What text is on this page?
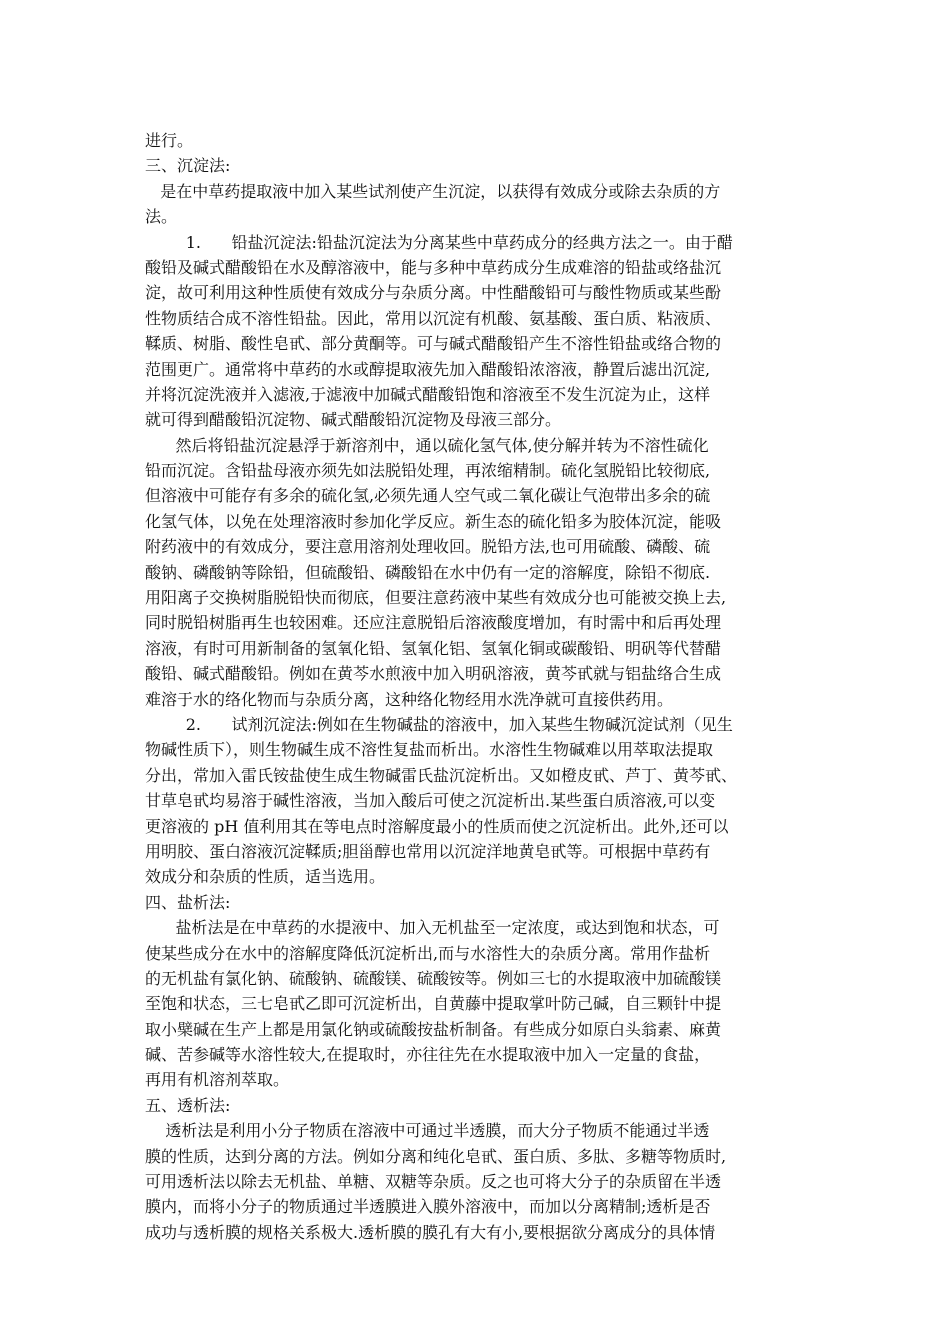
进行。
三、沉淀法:
是在中草药提取液中加入某些试剂使产生沉淀，以获得有效成分或除去杂质的方
法。
1.      铅盐沉淀法:铅盐沉淀法为分离某些中草药成分的经典方法之一。由于醋
酸铅及碱式醋酸铅在水及醇溶液中，能与多种中草药成分生成难溶的铅盐或络盐沉
淀，故可利用这种性质使有效成分与杂质分离。中性醋酸铅可与酸性物质或某些酚
性物质结合成不溶性铅盐。因此，常用以沉淀有机酸、氨基酸、蛋白质、粘液质、
鞣质、树脂、酸性皂甙、部分黄酮等。可与碱式醋酸铅产生不溶性铅盐或络合物的
范围更广。通常将中草药的水或醇提取液先加入醋酸铅浓溶液，静置后滤出沉淀,
并将沉淀洗液并入滤液,于滤液中加碱式醋酸铅饱和溶液至不发生沉淀为止，这样
就可得到醋酸铅沉淀物、碱式醋酸铅沉淀物及母液三部分。
然后将铅盐沉淀悬浮于新溶剂中，通以硫化氢气体,使分解并转为不溶性硫化
铅而沉淀。含铅盐母液亦须先如法脱铅处理，再浓缩精制。硫化氢脱铅比较彻底,
但溶液中可能存有多余的硫化氢,必须先通人空气或二氧化碳让气泡带出多余的硫
化氢气体，以免在处理溶液时参加化学反应。新生态的硫化铅多为胶体沉淀，能吸
附药液中的有效成分，要注意用溶剂处理收回。脱铅方法,也可用硫酸、磷酸、硫
酸钠、磷酸钠等除铅，但硫酸铅、磷酸铅在水中仍有一定的溶解度，除铅不彻底.
用阳离子交换树脂脱铅快而彻底，但要注意药液中某些有效成分也可能被交换上去,
同时脱铅树脂再生也较困难。还应注意脱铅后溶液酸度增加，有时需中和后再处理
溶液，有时可用新制备的氢氧化铅、氢氧化铝、氢氧化铜或碳酸铅、明矾等代替醋
酸铅、碱式醋酸铅。例如在黄芩水煎液中加入明矾溶液，黄芩甙就与铝盐络合生成
难溶于水的络化物而与杂质分离，这种络化物经用水洗净就可直接供药用。
2.      试剂沉淀法:例如在生物碱盐的溶液中，加入某些生物碱沉淀试剂（见生
物碱性质下），则生物碱生成不溶性复盐而析出。水溶性生物碱难以用萃取法提取
分出，常加入雷氏铵盐使生成生物碱雷氏盐沉淀析出。又如橙皮甙、芦丁、黄芩甙、
甘草皂甙均易溶于碱性溶液，当加入酸后可使之沉淀析出.某些蛋白质溶液,可以变
更溶液的 pH 值利用其在等电点时溶解度最小的性质而使之沉淀析出。此外,还可以
用明胶、蛋白溶液沉淀鞣质;胆甾醇也常用以沉淀洋地黄皂甙等。可根据中草药有
效成分和杂质的性质，适当选用。
四、盐析法:
盐析法是在中草药的水提液中、加入无机盐至一定浓度，或达到饱和状态，可
使某些成分在水中的溶解度降低沉淀析出,而与水溶性大的杂质分离。常用作盐析
的无机盐有氯化钠、硫酸钠、硫酸镁、硫酸铵等。例如三七的水提取液中加硫酸镁
至饱和状态，三七皂甙乙即可沉淀析出，自黄藤中提取掌叶防己碱，自三颗针中提
取小檗碱在生产上都是用氯化钠或硫酸按盐析制备。有些成分如原白头翁素、麻黄
碱、苦参碱等水溶性较大,在提取时，亦往往先在水提取液中加入一定量的食盐，
再用有机溶剂萃取。
五、透析法:
透析法是利用小分子物质在溶液中可通过半透膜，而大分子物质不能通过半透
膜的性质，达到分离的方法。例如分离和纯化皂甙、蛋白质、多肽、多糖等物质时,
可用透析法以除去无机盐、单糖、双糖等杂质。反之也可将大分子的杂质留在半透
膜内，而将小分子的物质通过半透膜进入膜外溶液中，而加以分离精制;透析是否
成功与透析膜的规格关系极大.透析膜的膜孔有大有小,要根据欲分离成分的具体情
